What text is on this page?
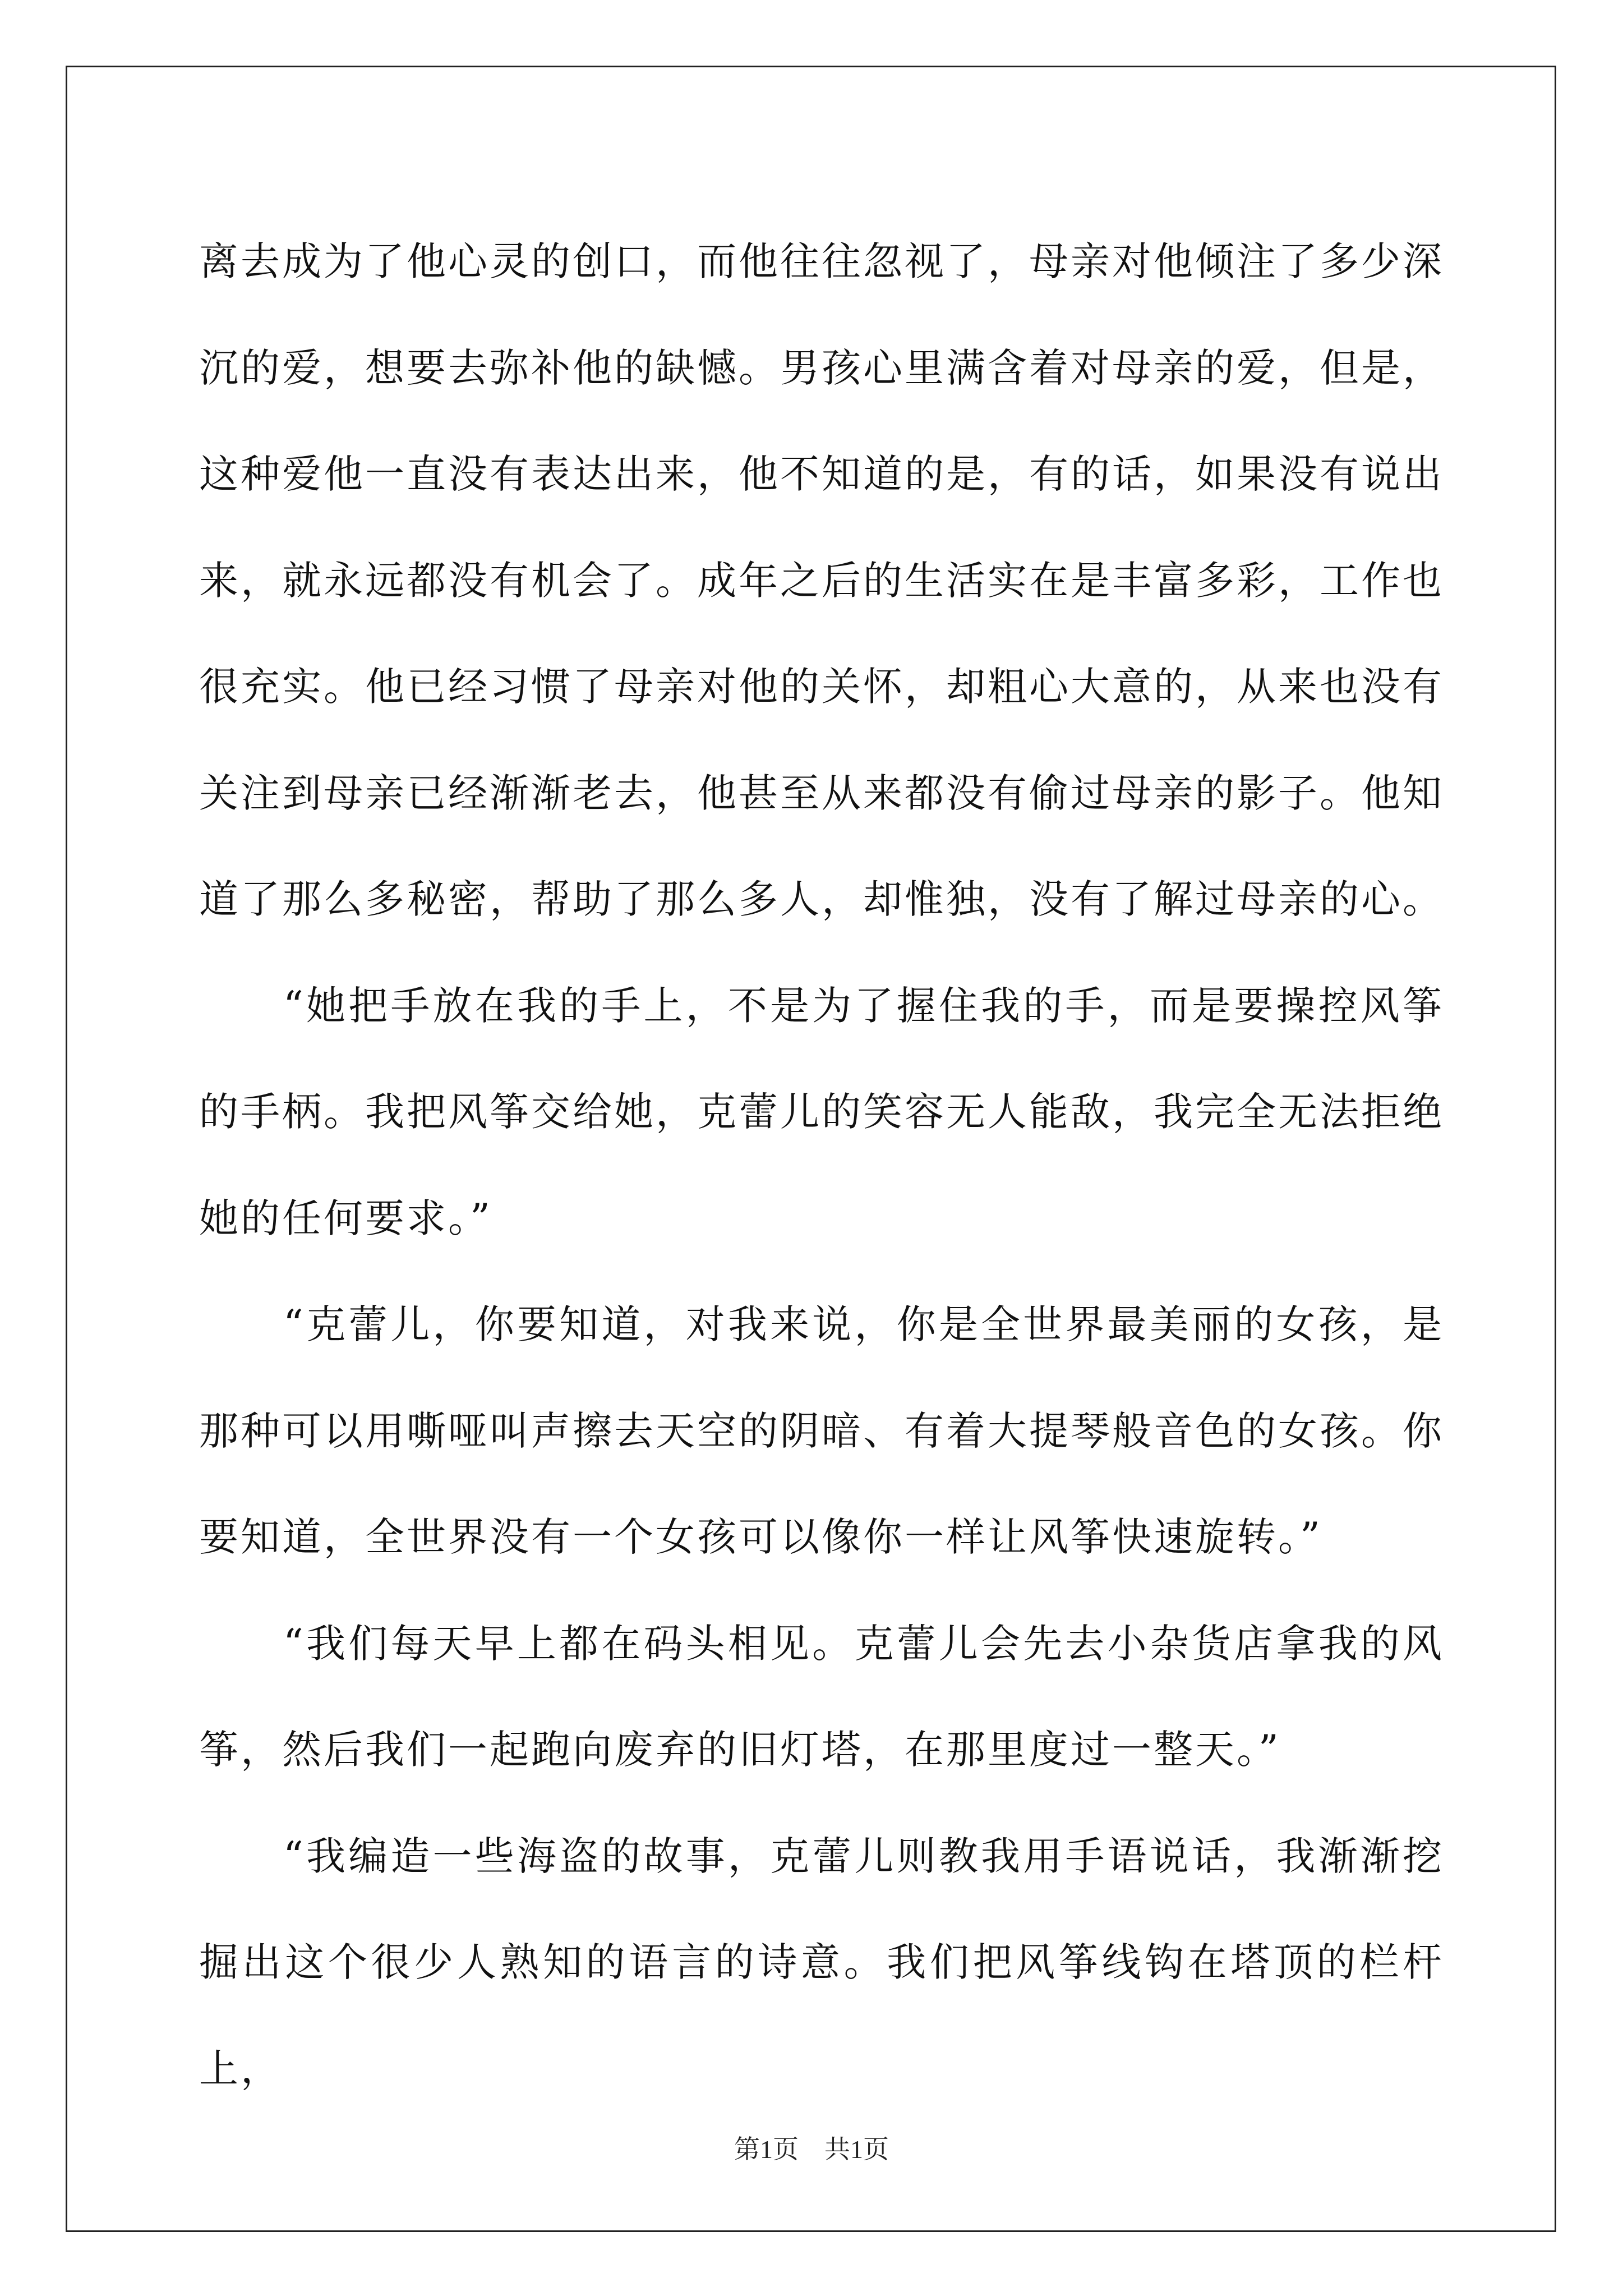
离去成为了他心灵的创口，而他往往忽视了，母亲对他倾注了多少深沉的爱，想要去弥补他的缺憾。男孩心里满含着对母亲的爱，但是，这种爱他一直没有表达出来，他不知道的是，有的话，如果没有说出来，就永远都没有机会了。成年之后的生活实在是丰富多彩，工作也很充实。他已经习惯了母亲对他的关怀，却粗心大意的，从来也没有关注到母亲已经渐渐老去，他甚至从来都没有偷过母亲的影子。他知道了那么多秘密，帮助了那么多人，却惟独，没有了解过母亲的心。

“她把手放在我的手上，不是为了握住我的手，而是要操控风筝的手柄。我把风筝交给她，克蕾儿的笑容无人能敌，我完全无法拒绝她的任何要求。”

“克蕾儿，你要知道，对我来说，你是全世界最美丽的女孩，是那种可以用嘶哑叫声擦去天空的阴暗、有着大提琴般音色的女孩。你要知道，全世界没有一个女孩可以像你一样让风筝快速旋转。”

“我们每天早上都在码头相见。克蕾儿会先去小杂货店拿我的风筝，然后我们一起跑向废弃的旧灯塔，在那里度过一整天。”

“我编造一些海盗的故事，克蕾儿则教我用手语说话，我渐渐挖掘出这个很少人熟知的语言的诗意。我们把风筝线钩在塔顶的栏杆上，

第1页　共1页
